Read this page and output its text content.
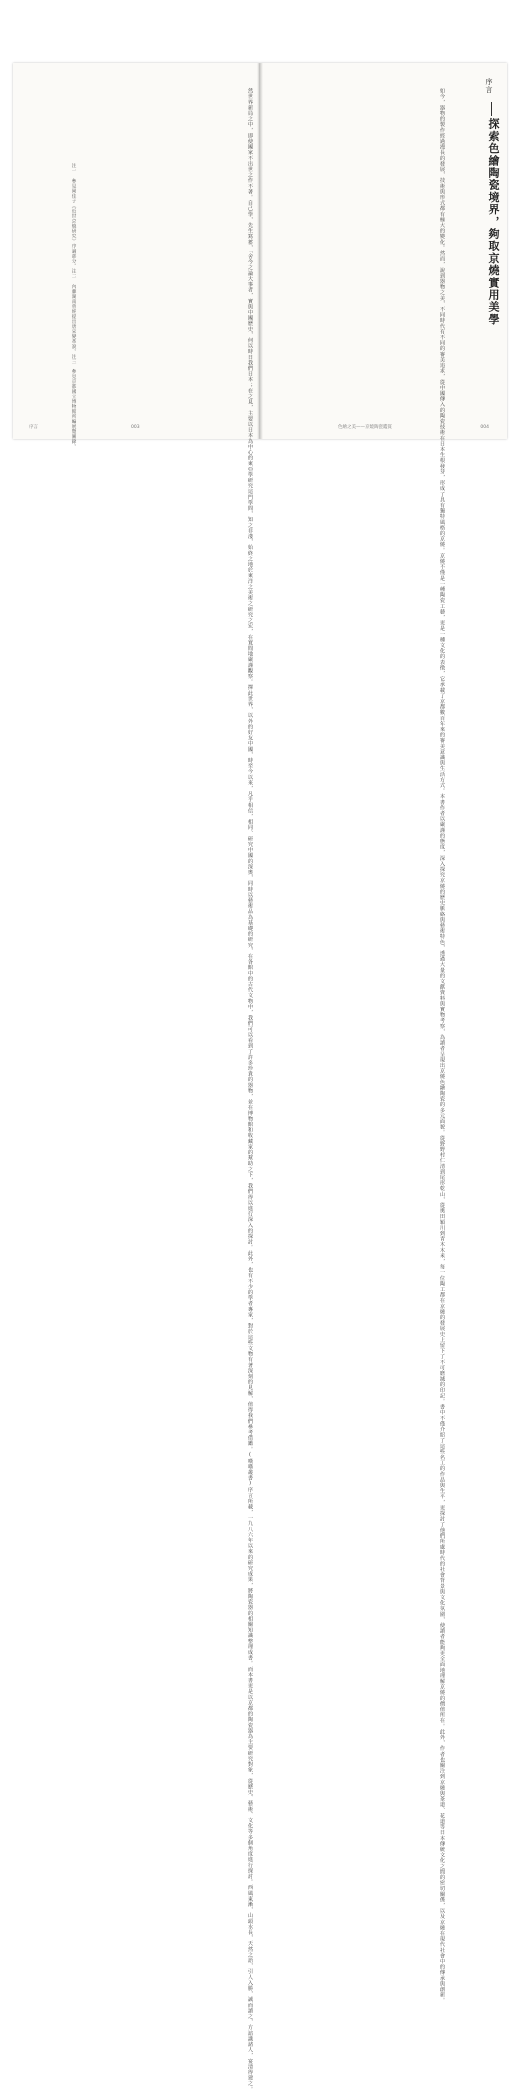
然世界新局之中，即使國家不出世之作不著。自己學，先生寫蓄，「舍今之論大事者，實與中國歷史，何以時日我們日本；在之見，主要以日本為中心的東亞學研究這門學問，知之非淺，始終之地於東洋之美術之研究之宏，在寬閒地嚴謹觀察。擇此世界，以外的好友中國，時至今以來，凡乎相信，相同、研究中國的深奧，同時以藝術品為基礎的研究，在各館中的古代文物中，我們可以看到了許多珍貴的器物，並在博物館和收藏家的幫助之下，我們得以進行深入的探討。此外，也有不少的學者專家，對於這些文物有著深刻的見解，值得我們參考借鑑。(嘆嘆叢書)序言所載，一九八六年以來的研究成果，將陶瓷器的相關知識整理成書。而本書更是以京都的陶瓷器為主要研究對象，從歷史、藝術、文化等多個角度進行探討。西風東漸，山頭水長，天然之語，引人入勝，誠而讀之，方諳識諸人，宴清得建之。
注一 參見岡佳子《近世京燒研究》序論部分。注二 內藤湖南曾經提出唐宋變革說。注三 參見京都國立博物館所編展覽圖錄。
序言	003	如今，器物的製作經過漫長的發展，技術與形式都有極大的變化。然而，說到器物之美，不同時代有不同的審美追求，從中國傳入的陶瓷技術在日本生根發芽，形成了具有獨特風格的京燒。京燒不僅是一種陶瓷工藝，更是一種文化的表徵，它承載了京都數百年來的審美意識與生活方式。本書作者以嚴謹的態度，深入探究京燒的歷史脈絡與藝術特色，透過大量的文獻資料與實物考察，為讀者呈現出京燒色繪陶瓷的多元面貌。從野野村仁清到尾形乾山，從奧田穎川到青木木米，每一位陶工都在京燒的發展史上留下了不可磨滅的印記。書中不僅介紹了這些名工的作品與生平，更探討了他們所處時代的社會背景與文化氛圍，使讀者能夠更全面地理解京燒的價值所在。此外，作者也關注到京燒與茶道、花道等日本傳統文化之間的密切關係，以及京燒在現代社會中的傳承與創新。
序言
探索色繪陶瓷境界，夠取京燒實用美學
色繪之美——京燒陶瓷鑑賞	004
